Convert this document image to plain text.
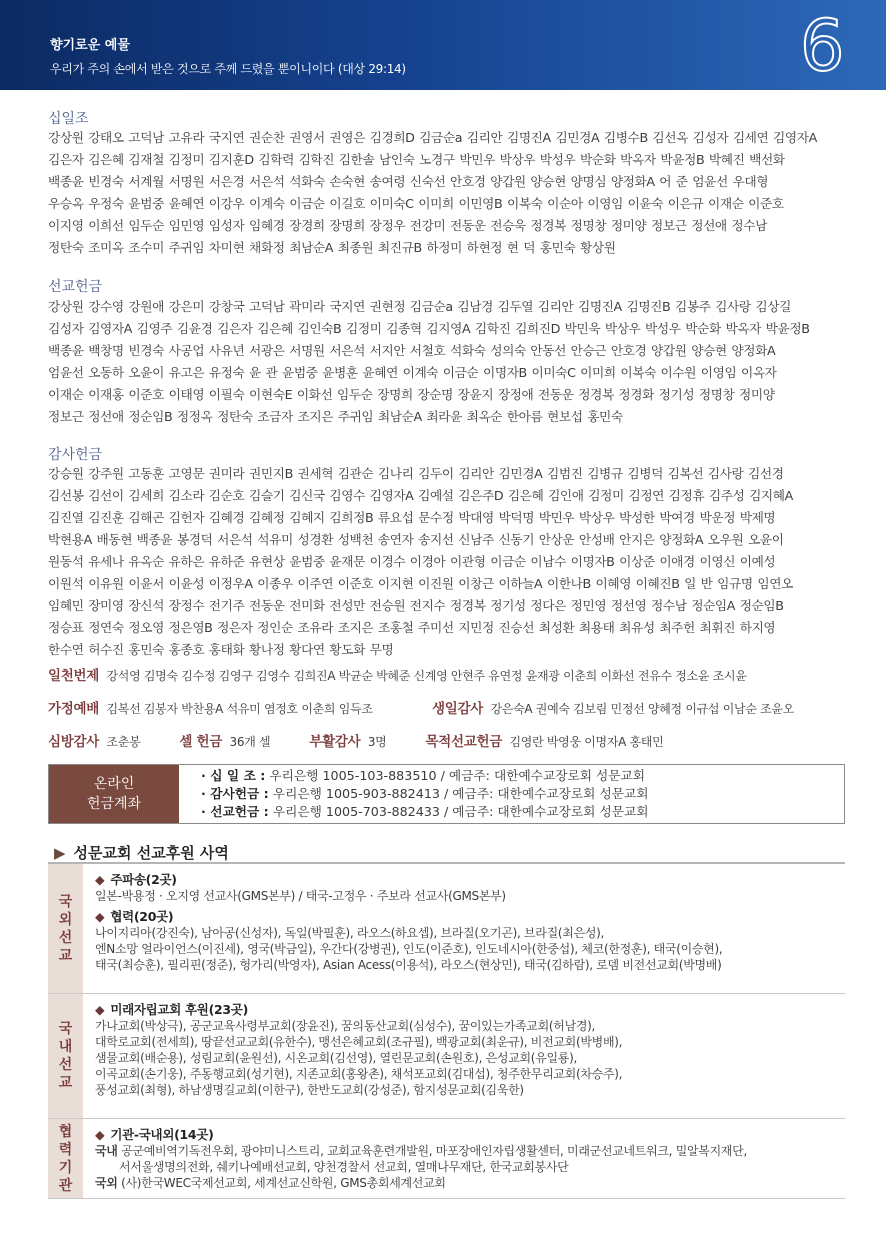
향기로운 예물
우리가 주의 손에서 받은 것으로 주께 드렸을 뿐이니이다 (대상 29:14)	6
십일조
강상원 강태오 고덕남 고유라 국지연 권순찬 권영서 권영은 김경희D 김금순a 김리안 김명진A 김민경A 김병수B 김선옥 김성자 김세연 김영자A
김은자 김은혜 김재철 김정미 김지훈D 김학력 김학진 김한솔 남인숙 노경구 박민우 박상우 박성우 박순화 박옥자 박윤정B 박혜진 백선화
백종윤 빈경숙 서계월 서명원 서은경 서은석 석화숙 손숙현 송여령 신숙선 안호경 양갑원 양승현 양명심 양정화A 어 준 엄윤선 우대형
우승옥 우정숙 윤범중 윤혜연 이강우 이계숙 이금순 이길호 이미숙C 이미희 이민영B 이복숙 이순아 이영임 이윤숙 이은규 이재순 이준호
이지영 이희선 임두순 임민영 임성자 임혜경 장경희 장명희 장정우 전강미 전동운 전승욱 정경복 정명창 정미양 정보근 정선애 정수남
정탄숙 조미옥 조수미 주귀임 차미현 채화정 최남순A 최종원 최진규B 하정미 하현정 현 덕 홍민숙 황상원
선교헌금
강상원 강수영 강원애 강은미 강창국 고덕남 곽미라 국지연 권현정 김금순a 김남경 김두열 김리안 김명진A 김명진B 김봉주 김사랑 김상길
김성자 김영자A 김영주 김윤경 김은자 김은혜 김인숙B 김정미 김종혁 김지영A 김학진 김희진D 박민욱 박상우 박성우 박순화 박옥자 박윤정B
백종윤 백창명 빈경숙 사공업 사유년 서광은 서명원 서은석 서지안 서철호 석화숙 성의숙 안동선 안승근 안호경 양갑원 양승현 양정화A
엄윤선 오동하 오윤이 유고은 유정숙 윤 관 윤범중 윤병훈 윤혜연 이계숙 이금순 이명자B 이미숙C 이미희 이복숙 이수원 이영임 이옥자
이재순 이재홍 이준호 이태영 이필숙 이현숙E 이화선 임두순 장명희 장순명 장윤지 장정애 전동운 정경복 정경화 정기성 정명창 정미양
정보근 정선애 정순임B 정정옥 정탄숙 조금자 조지은 주귀임 최남순A 최라윤 최옥순 한아름 현보섭 홍민숙
감사헌금
강승원 강주원 고동훈 고영문 권미라 권민지B 권세혁 김관순 김나리 김두이 김리안 김민경A 김범진 김병규 김병덕 김복선 김사랑 김선경
김선봉 김선이 김세희 김소라 김순호 김슬기 김신국 김영수 김영자A 김예설 김은주D 김은혜 김인애 김정미 김정연 김정휴 김주성 김지혜A
김진열 김진훈 김해곤 김헌자 김혜경 김혜정 김혜지 김희정B 류요섭 문수정 박대영 박덕명 박민우 박상우 박성한 박여경 박운정 박제명
박현용A 배동현 백종윤 봉경덕 서은석 석유미 성경환 성백천 송연자 송지선 신남주 신동기 안상운 안성배 안지은 양정화A 오우원 오윤이
원동석 유세나 유옥순 유하은 유하준 유현상 윤범중 윤재문 이경수 이경아 이관형 이금순 이남수 이명자B 이상준 이애경 이영신 이예성
이원석 이유원 이윤서 이윤성 이정우A 이종우 이주연 이준호 이지현 이진원 이창근 이하늘A 이한나B 이혜영 이혜진B 일 반 임규명 임연오
임혜민 장미영 장신석 장정수 전기주 전동운 전미화 전성만 전승원 전지수 정경복 정기성 정다은 정민영 정선영 정수남 정순임A 정순임B
정승표 정연숙 정오영 정은영B 정은자 정인순 조유라 조지은 조홍철 주미선 지민정 진승선 최성환 최용태 최유성 최주헌 최휘진 하지영
한수연 허수진 홍민숙 홍종호 홍태화 황나정 황다연 황도화 무명
일천번제 강석영 김명숙 김수정 김영구 김영수 김희진A 박균순 박혜준 신계영 안현주 유연정 윤재광 이춘희 이화선 전유수 정소윤 조시윤
가정예배 김복선 김봉자 박찬용A 석유미 염정호 이춘희 임득조	생일감사 강은숙A 권예숙 김보림 민정선 양혜정 이규섭 이남순 조윤오
심방감사 조춘봉	셀 헌금 36개 셀	부활감사 3명	목적선교헌금 김영란 박영웅 이명자A 홍태민
온라인
헌금계좌
· 십 일 조 : 우리은행 1005-103-883510 / 예금주: 대한예수교장로회 성문교회
· 감사헌금 : 우리은행 1005-903-882413 / 예금주: 대한예수교장로회 성문교회
· 선교헌금 : 우리은행 1005-703-882433 / 예금주: 대한예수교장로회 성문교회
▶ 성문교회 선교후원 사역
국외선교

◆ 주파송(2곳)

일본-박용정 · 오지영 선교사(GMS본부) / 태국-고정우 · 주보라 선교사(GMS본부)

◆ 협력(20곳)

나이지리아(강진숙), 남아공(신성자), 독일(박필훈), 라오스(하요셉), 브라질(오기곤), 브라질(최은성),

엔N소망 얼라이언스(이진세), 영국(박금일), 우간다(강병권), 인도(이준호), 인도네시아(한중섭), 체코(한정훈), 태국(이승현),

태국(최승훈), 필리핀(정준), 헝가리(박영자), Asian Acess(이용석), 라오스(현상민), 태국(김하람), 로뎀 비전선교회(박명배)

국내선교

◆ 미래자립교회 후원(23곳)

가나교회(박상극), 공군교육사령부교회(장윤진), 꿈의동산교회(심성수), 꿈이있는가족교회(허남경),

대학로교회(전세희), 땅끝선교교회(유한수), 맹선은혜교회(조규필), 백광교회(최운규), 비전교회(박병배),

샘물교회(배순용), 성림교회(윤원선), 시온교회(김선영), 열린문교회(손원호), 은성교회(유일룡),

이곡교회(손기웅), 주동행교회(성기현), 지존교회(홍왕촌), 채석포교회(김대섭), 청주한무리교회(차승주),

풍성교회(최형), 하남생명길교회(이한구), 한반도교회(강성준), 함지성문교회(김욱한)

협력기관

◆ 기관-국내외(14곳)

국내 공군예비역기독전우회, 광야미니스트리, 교회교육훈련개발원, 마포장애인자립생활센터, 미래군선교네트워크, 밀알복지재단,

서서울생명의전화, 쉐키나예배선교회, 양천경찰서 선교회, 열매나무재단, 한국교회봉사단

국외 (사)한국WEC국제선교회, 세계선교신학원, GMS총회세계선교회
